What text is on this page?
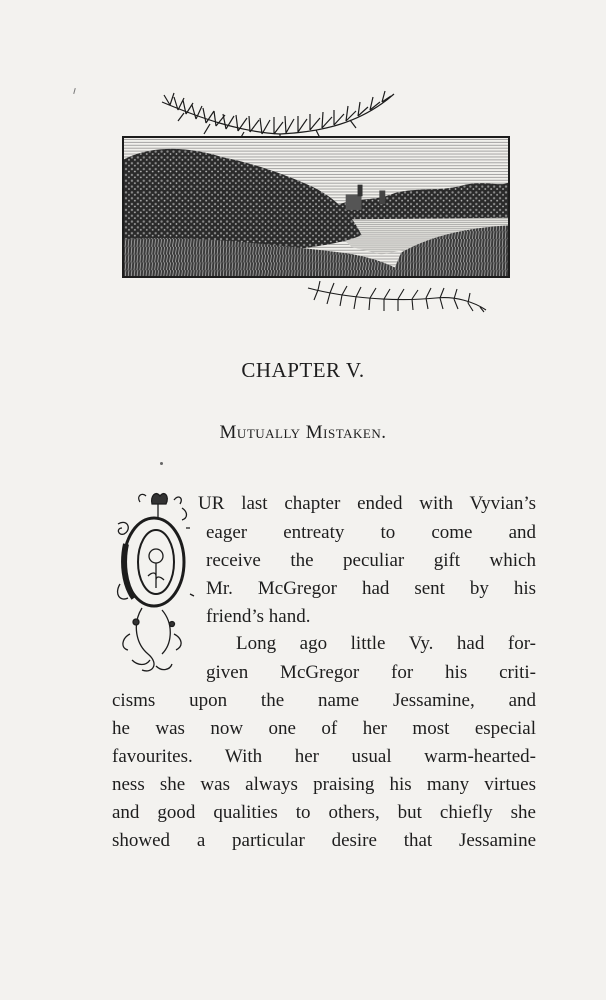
CHAPTER V.
Mutually Mistaken.
O
UR last chapter ended with Vyvian’s
eager entreaty to come and
receive the peculiar gift which
Mr. McGregor had sent by his
friend’s hand.
Long ago little Vy. had for-
given McGregor for his criti-
cisms upon the name Jessamine, and
he was now one of her most especial
favourites. With her usual warm-hearted-
ness she was always praising his many virtues
and good qualities to others, but chiefly she
showed a particular desire that Jessamine
